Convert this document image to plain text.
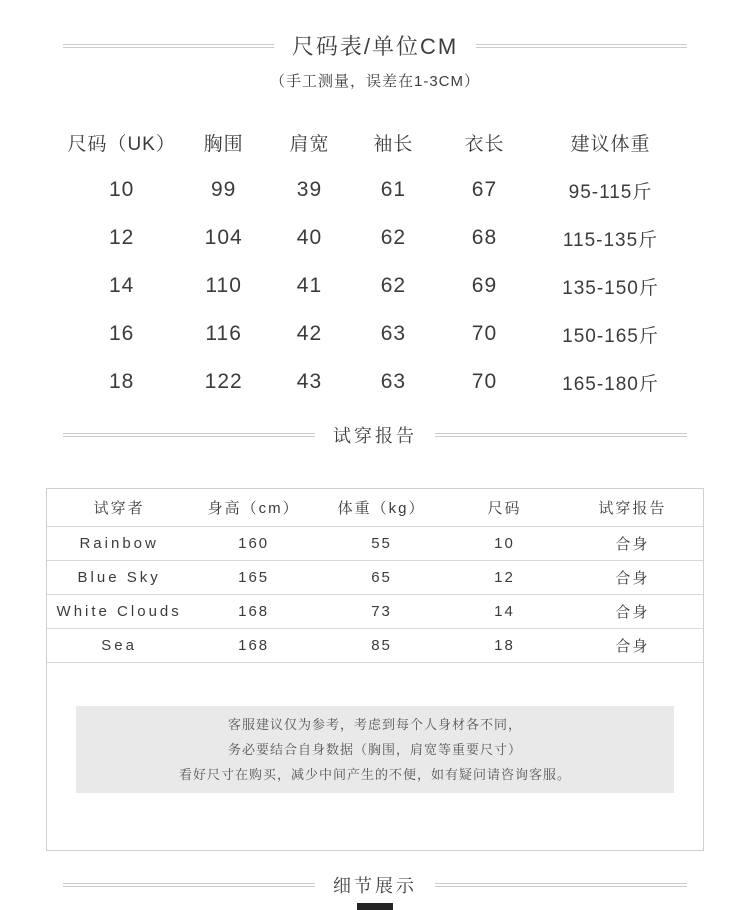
尺码表/单位CM
（手工测量，误差在1-3CM）
尺码（UK）	胸围	肩宽	袖长	衣长	建议体重
10	99	39	61	67	95-115斤
12	104	40	62	68	115-135斤
14	110	41	62	69	135-150斤
16	116	42	63	70	150-165斤
18	122	43	63	70	165-180斤
试穿报告
试穿者	身高（cm）	体重（kg）	尺码	试穿报告
Rainbow	160	55	10	合身
Blue Sky	165	65	12	合身
White Clouds	168	73	14	合身
Sea	168	85	18	合身
客服建议仅为参考，考虑到每个人身材各不同，
务必要结合自身数据（胸围，肩宽等重要尺寸）
看好尺寸在购买，减少中间产生的不便，如有疑问请咨询客服。
细节展示
